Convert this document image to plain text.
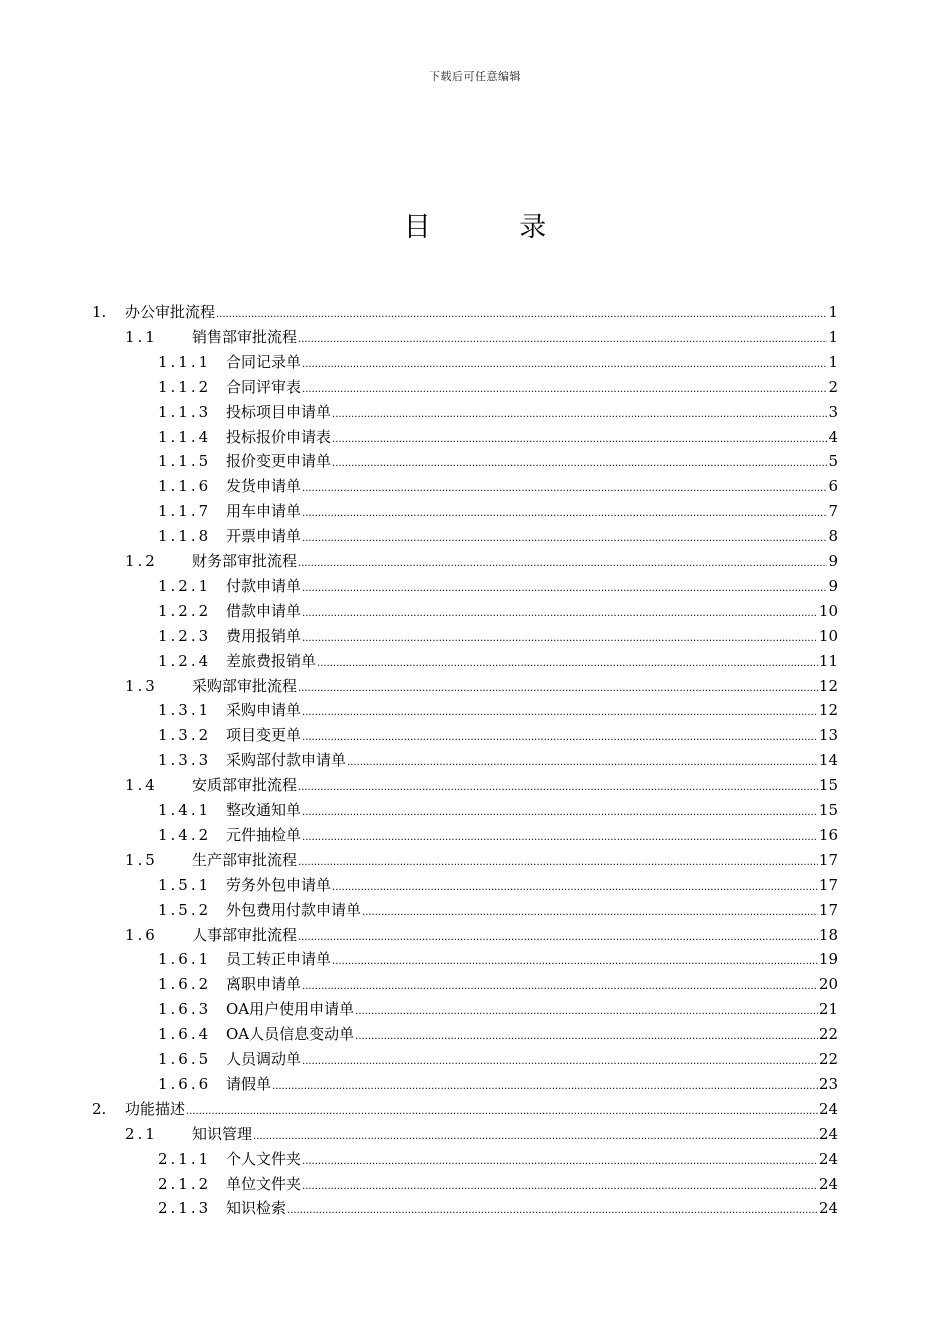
下载后可任意编辑
目 录
1.	办公审批流程 .....	1
1.1	销售部审批流程 .....	1
1.1.1 合同记录单 .....	1
1.1.2 合同评审表 .....	2
1.1.3 投标项目申请单 .....	3
1.1.4 投标报价申请表 .....	4
1.1.5 报价变更申请单 .....	5
1.1.6 发货申请单 .....	6
1.1.7 用车申请单 .....	7
1.1.8 开票申请单 .....	8
1.2	财务部审批流程 .....	9
1.2.1 付款申请单 .....	9
1.2.2 借款申请单 .....	10
1.2.3 费用报销单 .....	10
1.2.4 差旅费报销单 .....	11
1.3	采购部审批流程 .....	12
1.3.1 采购申请单 .....	12
1.3.2 项目变更单 .....	13
1.3.3 采购部付款申请单 .....	14
1.4	安质部审批流程 .....	15
1.4.1 整改通知单 .....	15
1.4.2 元件抽检单 .....	16
1.5	生产部审批流程 .....	17
1.5.1 劳务外包申请单 .....	17
1.5.2 外包费用付款申请单 .....	17
1.6	人事部审批流程 .....	18
1.6.1 员工转正申请单 .....	19
1.6.2 离职申请单 .....	20
1.6.3 OA用户使用申请单 .....	21
1.6.4 OA人员信息变动单 .....	22
1.6.5 人员调动单 .....	22
1.6.6 请假单 .....	23
2.	功能描述 .....	24
2.1	知识管理 .....	24
2.1.1 个人文件夹 .....	24
2.1.2 单位文件夹 .....	24
2.1.3 知识检索 .....	24
